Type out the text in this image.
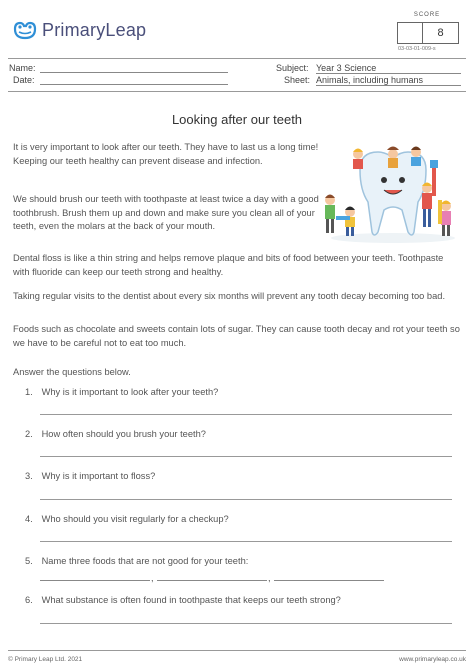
PrimaryLeap
SCORE
8
03-03-01-009-s
Name:
Date:
Subject: Year 3 Science
Sheet: Animals, including humans
Looking after our teeth
It is very important to look after our teeth. They have to last us a long time! Keeping our teeth healthy can prevent disease and infection.
We should brush our teeth with toothpaste at least twice a day with a good toothbrush. Brush them up and down and make sure you clean all of your teeth, even the molars at the back of your mouth.
Dental floss is like a thin string and helps remove plaque and bits of food between your teeth. Toothpaste with fluoride can keep our teeth strong and healthy.
Taking regular visits to the dentist about every six months will prevent any tooth decay becoming too bad.
Foods such as chocolate and sweets contain lots of sugar. They can cause tooth decay and rot your teeth so we have to be careful not to eat too much.
Answer the questions below.
1. Why is it important to look after your teeth?
2. How often should you brush your teeth?
3. Why is it important to floss?
4. Who should you visit regularly for a checkup?
5. Name three foods that are not good for your teeth:
,	,
6. What substance is often found in toothpaste that keeps our teeth strong?
© Primary Leap Ltd. 2021	www.primaryleap.co.uk
